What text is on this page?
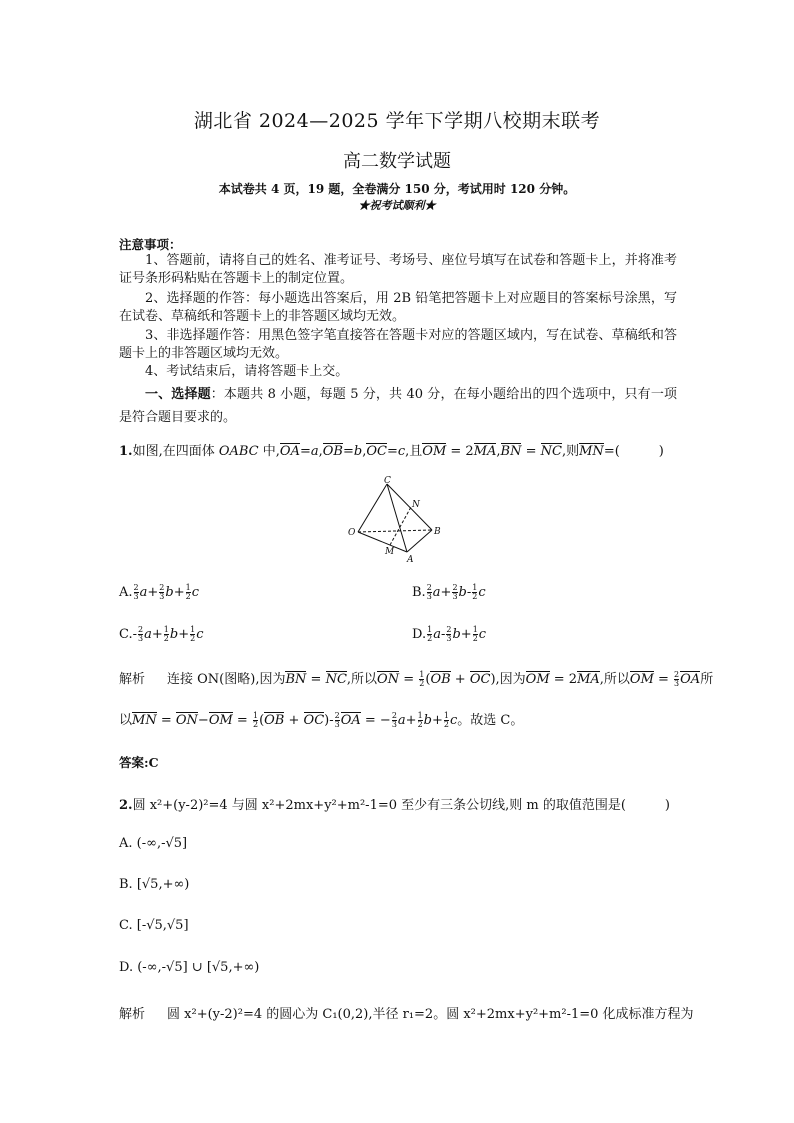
湖北省 2024—2025 学年下学期八校期末联考
高二数学试题
本试卷共 4 页，19 题，全卷满分 150 分，考试用时 120 分钟。
★祝考试顺利★
注意事项：
1、答题前，请将自己的姓名、准考证号、考场号、座位号填写在试卷和答题卡上，并将准考证号条形码粘贴在答题卡上的制定位置。
2、选择题的作答：每小题选出答案后，用 2B 铅笔把答题卡上对应题目的答案标号涂黑，写在试卷、草稿纸和答题卡上的非答题区域均无效。
3、非选择题作答：用黑色签字笔直接答在答题卡对应的答题区域内，写在试卷、草稿纸和答题卡上的非答题区域均无效。
4、考试结束后，请将答题卡上交。
一、选择题：本题共 8 小题，每题 5 分，共 40 分，在每小题给出的四个选项中，只有一项是符合题目要求的。
1.如图,在四面体 OABC 中,OA=a,OB=b,OC=c,且OM = 2MA,BN = NC,则MN=(　　　)
C
N
O	B
M
A
A. $\frac{2}{3} a+ \frac{2}{3} b+ \frac{1}{2}$ c	B. $\frac{2}{3} a+ \frac{2}{3} b- \frac{1}{2}$ c
$C.- \frac{2}{3} a+ \frac{1}{2} b+ \frac{1}{2}$ c	D. $\frac{1}{2} a- \frac{2}{3} b+ \frac{1}{2}$ c
解析 连接 ON(图略),因为BN = NC,所以ON = $\frac{1}{2} (OB + OC)$,因为OM = 2MA,所以OM = $\frac{2}{3}$ OA所
以MN = $ON-OM = \frac{1}{2} (OB + OC)- \frac{2}{3}$ OA = − $\frac{2}{3} a+ \frac{1}{2} b+ \frac{1}{2}$ c。故选 C。
答案:C
2.圆 x²+(y-2)²=4 与圆 x²+2mx+y²+m²-1=0 至少有三条公切线,则 m 的取值范围是(　　　)
A. (-∞,-√5]
B. [√5,+∞)
C. [-√5,√5]
D. (-∞,-√5] ∪ [√5,+∞)
解析 圆 x²+(y-2)²=4 的圆心为 C₁(0,2),半径 r₁=2。圆 x²+2mx+y²+m²-1=0 化成标准方程为
